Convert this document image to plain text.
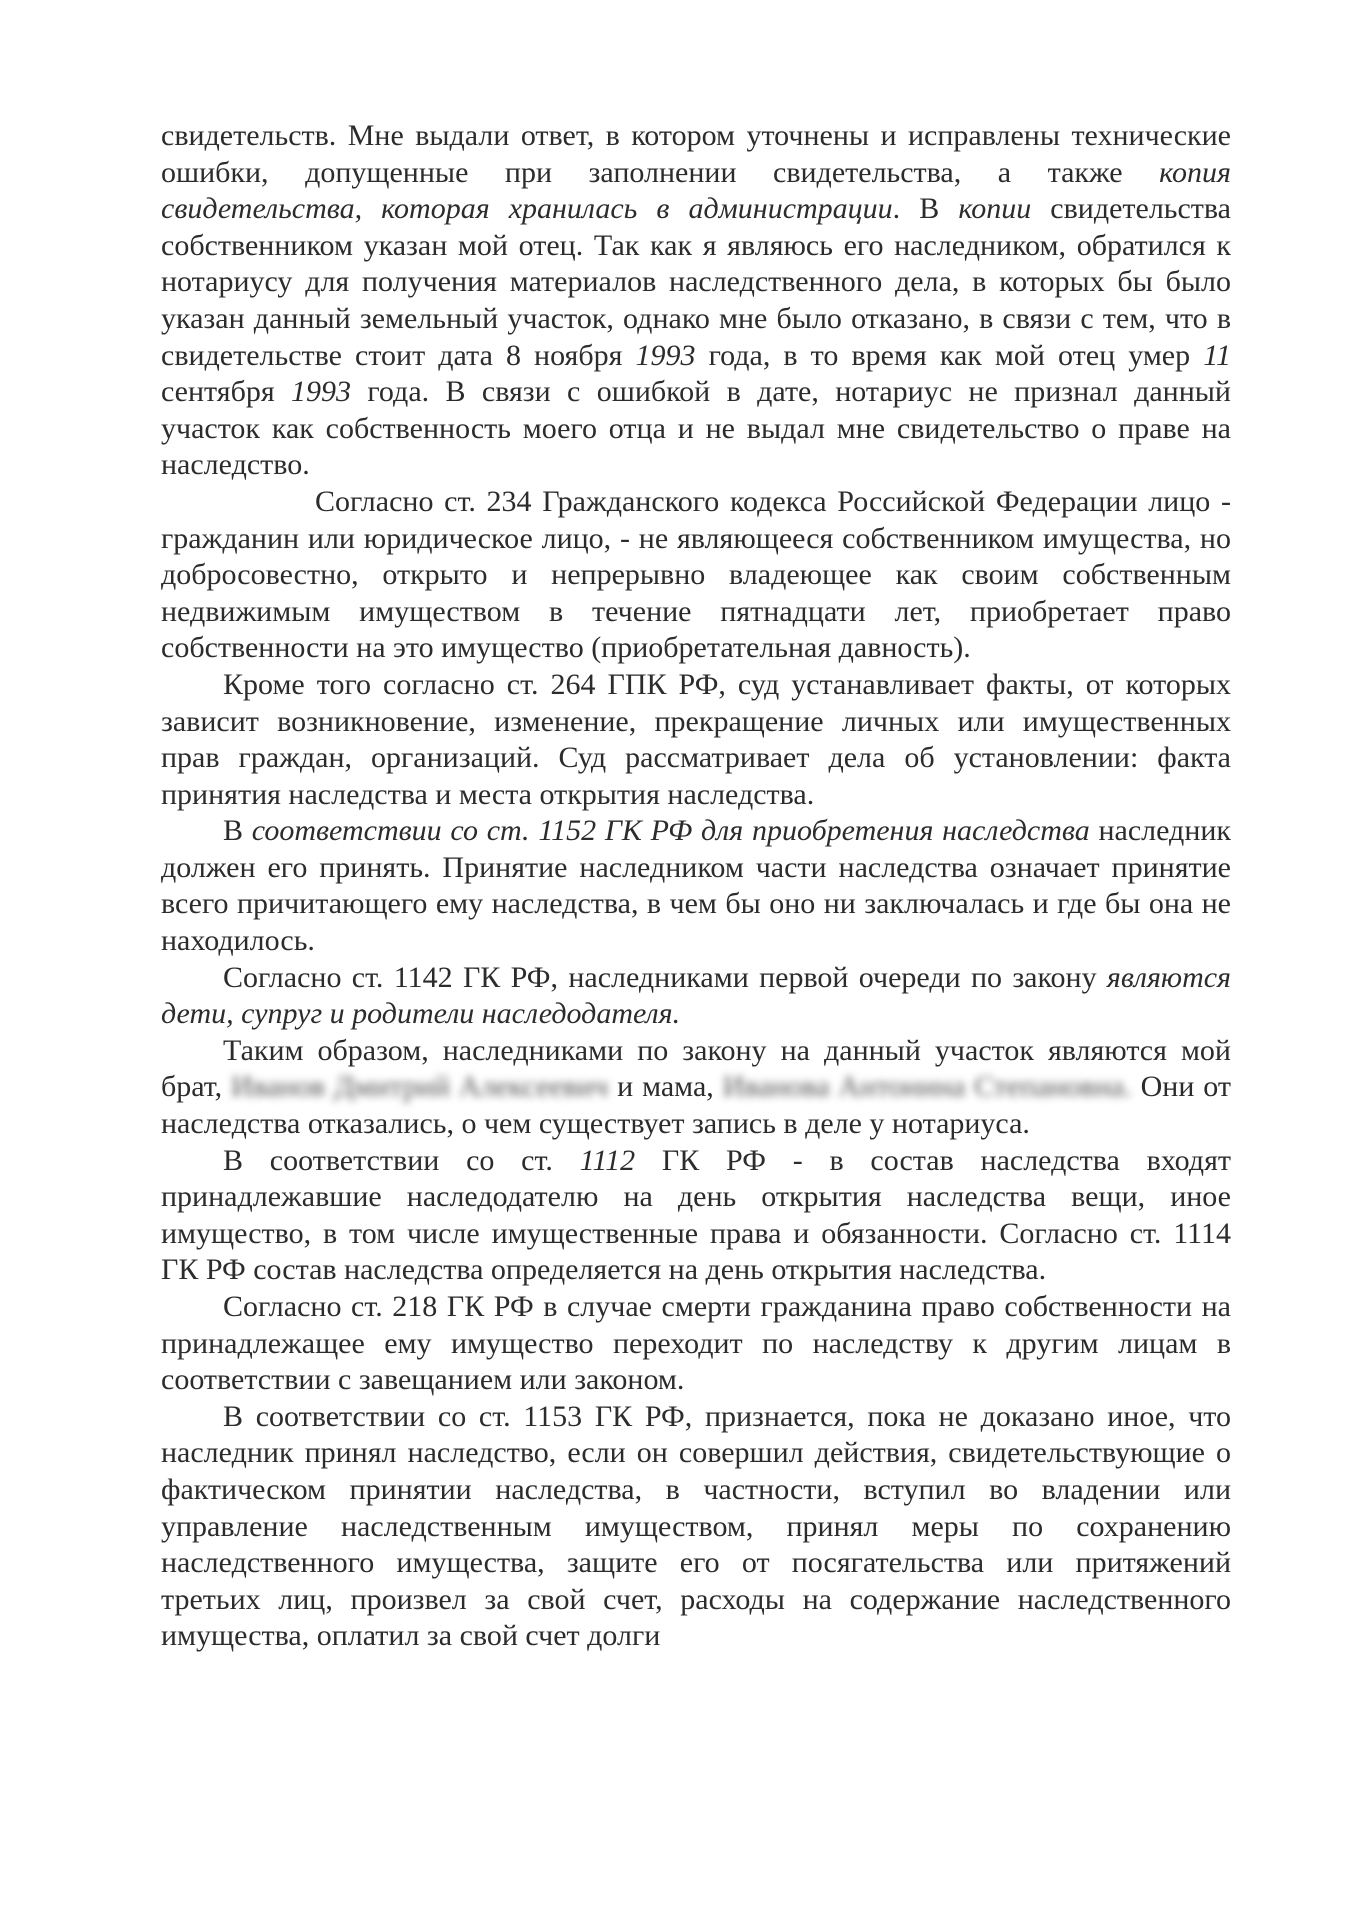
свидетельств. Мне выдали ответ, в котором уточнены и исправлены технические ошибки, допущенные при заполнении свидетельства, а также копия свидетельства, которая хранилась в администрации. В копии свидетельства собственником указан мой отец. Так как я являюсь его наследником, обратился к нотариусу для получения материалов наследственного дела, в которых бы было указан данный земельный участок, однако мне было отказано, в связи с тем, что в свидетельстве стоит дата 8 ноября 1993 года, в то время как мой отец умер 11 сентября 1993 года. В связи с ошибкой в дате, нотариус не признал данный участок как собственность моего отца и не выдал мне свидетельство о праве на наследство.

Согласно ст. 234 Гражданского кодекса Российской Федерации лицо - гражданин или юридическое лицо, - не являющееся собственником имущества, но добросовестно, открыто и непрерывно владеющее как своим собственным недвижимым имуществом в течение пятнадцати лет, приобретает право собственности на это имущество (приобретательная давность).

Кроме того согласно ст. 264 ГПК РФ, суд устанавливает факты, от которых зависит возникновение, изменение, прекращение личных или имущественных прав граждан, организаций. Суд рассматривает дела об установлении: факта принятия наследства и места открытия наследства.

В соответствии со ст. 1152 ГК РФ для приобретения наследства наследник должен его принять. Принятие наследником части наследства означает принятие всего причитающего ему наследства, в чем бы оно ни заключалась и где бы она не находилось.

Согласно ст. 1142 ГК РФ, наследниками первой очереди по закону являются дети, супруг и родители наследодателя.

Таким образом, наследниками по закону на данный участок являются мой брат, Иванов Дмитрий Алексеевич и мама, Иванова Антонина Степановна. Они от наследства отказались, о чем существует запись в деле у нотариуса.

В соответствии со ст. 1112 ГК РФ - в состав наследства входят принадлежавшие наследодателю на день открытия наследства вещи, иное имущество, в том числе имущественные права и обязанности. Согласно ст. 1114 ГК РФ состав наследства определяется на день открытия наследства.

Согласно ст. 218 ГК РФ в случае смерти гражданина право собственности на принадлежащее ему имущество переходит по наследству к другим лицам в соответствии с завещанием или законом.

В соответствии со ст. 1153 ГК РФ, признается, пока не доказано иное, что наследник принял наследство, если он совершил действия, свидетельствующие о фактическом принятии наследства, в частности, вступил во владении или управление наследственным имуществом, принял меры по сохранению наследственного имущества, защите его от посягательства или притяжений третьих лиц, произвел за свой счет, расходы на содержание наследственного имущества, оплатил за свой счет долги
